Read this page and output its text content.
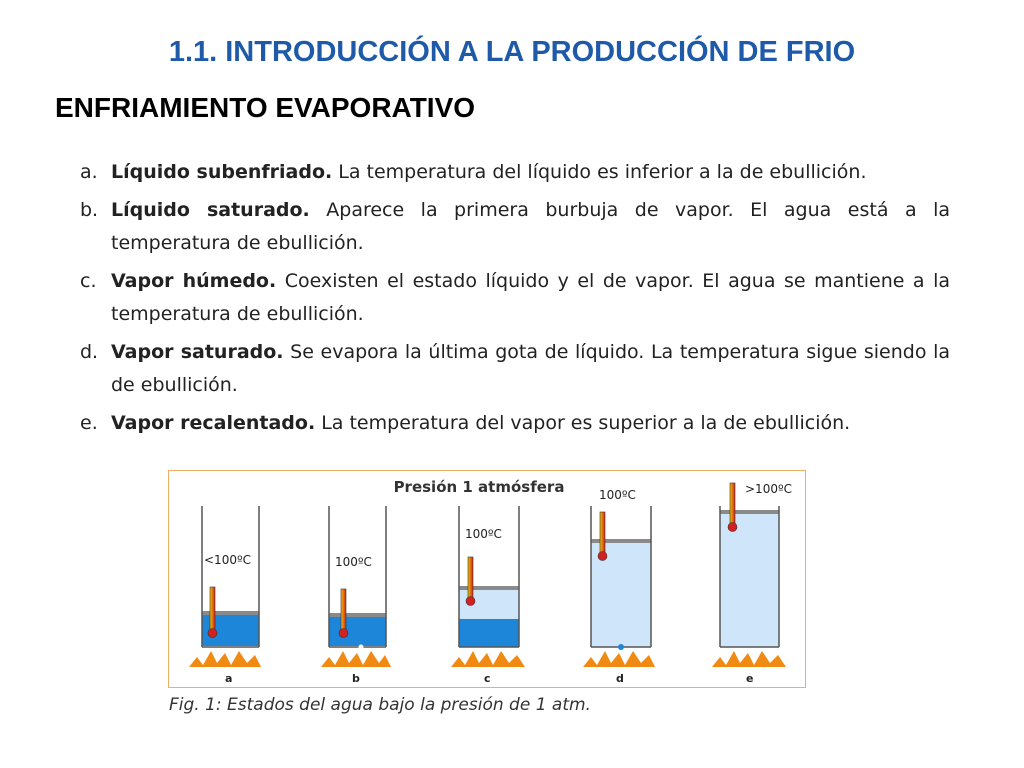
1.1. INTRODUCCIÓN A LA PRODUCCIÓN DE FRIO
ENFRIAMIENTO EVAPORATIVO
a. Líquido subenfriado. La temperatura del líquido es inferior a la de ebullición.
b. Líquido saturado. Aparece la primera burbuja de vapor. El agua está a la temperatura de ebullición.
c. Vapor húmedo. Coexisten el estado líquido y el de vapor. El agua se mantiene a la temperatura de ebullición.
d. Vapor saturado. Se evapora la última gota de líquido. La temperatura sigue siendo la de ebullición.
e. Vapor recalentado. La temperatura del vapor es superior a la de ebullición.
Presión 1 atmósfera
<100ºC
a
100ºC
b
100ºC
c
100ºC
d
>100ºC
e
Fig. 1: Estados del agua bajo la presión de 1 atm.
